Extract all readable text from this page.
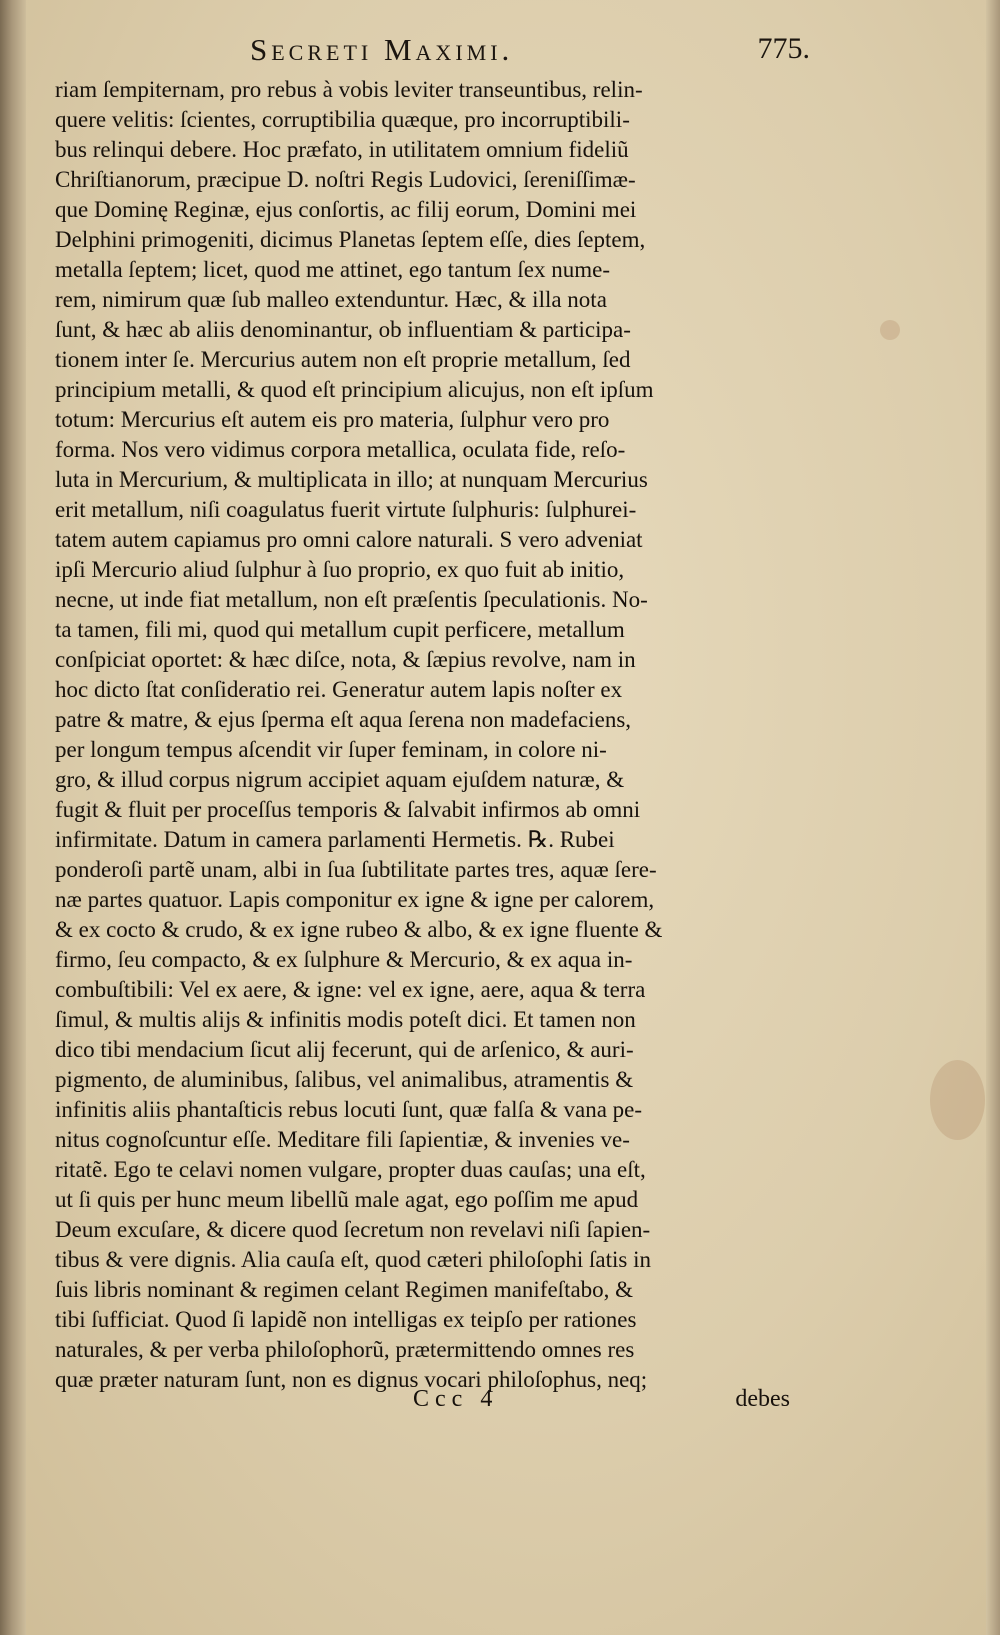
Secreti Maximi.	775.
riam ſempiternam, pro rebus à vobis leviter transeuntibus, relin-
quere velitis: ſcientes, corruptibilia quæque, pro incorruptibili-
bus relinqui debere. Hoc præfato, in utilitatem omnium fideliũ
Chriſtianorum, præcipue D. noſtri Regis Ludovici, ſereniſſimæ-
que Dominę Reginæ, ejus conſortis, ac filij eorum, Domini mei
Delphini primogeniti, dicimus Planetas ſeptem eſſe, dies ſeptem,
metalla ſeptem; licet, quod me attinet, ego tantum ſex nume-
rem, nimirum quæ ſub malleo extenduntur. Hæc, & illa nota
ſunt, & hæc ab aliis denominantur, ob influentiam & participa-
tionem inter ſe. Mercurius autem non eſt proprie metallum, ſed
principium metalli, & quod eſt principium alicujus, non eſt ipſum
totum: Mercurius eſt autem eis pro materia, ſulphur vero pro
forma. Nos vero vidimus corpora metallica, oculata fide, reſo-
luta in Mercurium, & multiplicata in illo; at nunquam Mercurius
erit metallum, niſi coagulatus fuerit virtute ſulphuris: ſulphurei-
tatem autem capiamus pro omni calore naturali. S vero adveniat
ipſi Mercurio aliud ſulphur à ſuo proprio, ex quo fuit ab initio,
necne, ut inde fiat metallum, non eſt præſentis ſpeculationis. No-
ta tamen, fili mi, quod qui metallum cupit perficere, metallum
conſpiciat oportet: & hæc diſce, nota, & ſæpius revolve, nam in
hoc dicto ſtat conſideratio rei. Generatur autem lapis noſter ex
patre & matre, & ejus ſperma eſt aqua ſerena non madefaciens,
per longum tempus aſcendit vir ſuper feminam, in colore ni-
gro, & illud corpus nigrum accipiet aquam ejuſdem naturæ, &
fugit & fluit per proceſſus temporis & ſalvabit infirmos ab omni
infirmitate. Datum in camera parlamenti Hermetis. ℞. Rubei
ponderoſi partẽ unam, albi in ſua ſubtilitate partes tres, aquæ ſere-
næ partes quatuor. Lapis componitur ex igne & igne per calorem,
& ex cocto & crudo, & ex igne rubeo & albo, & ex igne fluente &
firmo, ſeu compacto, & ex ſulphure & Mercurio, & ex aqua in-
combuſtibili: Vel ex aere, & igne: vel ex igne, aere, aqua & terra
ſimul, & multis alijs & infinitis modis poteſt dici. Et tamen non
dico tibi mendacium ſicut alij fecerunt, qui de arſenico, & auri-
pigmento, de aluminibus, ſalibus, vel animalibus, atramentis &
infinitis aliis phantaſticis rebus locuti ſunt, quæ falſa & vana pe-
nitus cognoſcuntur eſſe. Meditare fili ſapientiæ, & invenies ve-
ritatẽ. Ego te celavi nomen vulgare, propter duas cauſas; una eſt,
ut ſi quis per hunc meum libellũ male agat, ego poſſim me apud
Deum excuſare, & dicere quod ſecretum non revelavi niſi ſapien-
tibus & vere dignis. Alia cauſa eſt, quod cæteri philoſophi ſatis in
ſuis libris nominant & regimen celant Regimen manifeſtabo, &
tibi ſufficiat. Quod ſi lapidẽ non intelligas ex teipſo per rationes
naturales, & per verba philoſophorũ, prætermittendo omnes res
quæ præter naturam ſunt, non es dignus vocari philoſophus, neq;
Ccc 4	debes
